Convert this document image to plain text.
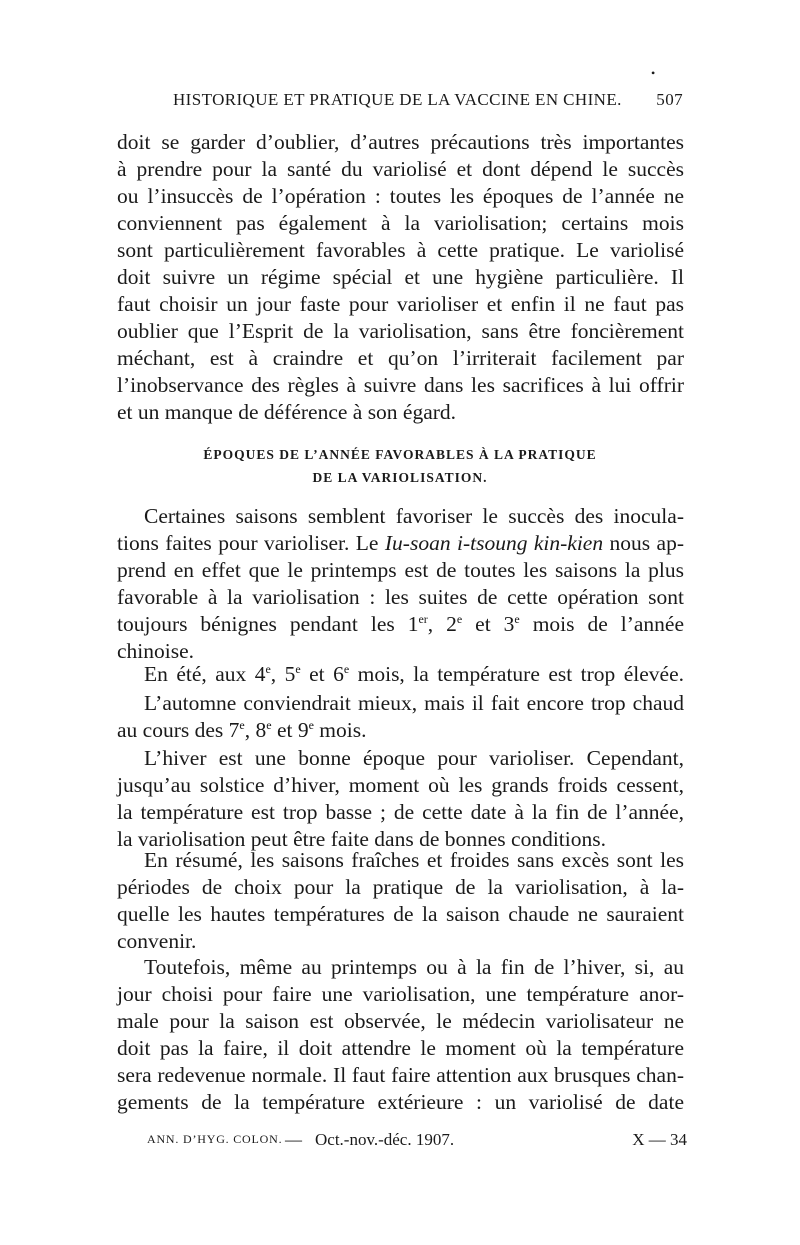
•
HISTORIQUE ET PRATIQUE DE LA VACCINE EN CHINE. 507
doit se garder d’oublier, d’autres précautions très importantes
à prendre pour la santé du variolisé et dont dépend le succès
ou l’insuccès de l’opération : toutes les époques de l’année ne
conviennent pas également à la variolisation; certains mois
sont particulièrement favorables à cette pratique. Le variolisé
doit suivre un régime spécial et une hygiène particulière. Il
faut choisir un jour faste pour varioliser et enfin il ne faut pas
oublier que l’Esprit de la variolisation, sans être foncièrement
méchant, est à craindre et qu’on l’irriterait facilement par
l’inobservance des règles à suivre dans les sacrifices à lui offrir
et un manque de déférence à son égard.
ÉPOQUES DE L’ANNÉE FAVORABLES À LA PRATIQUE
DE LA VARIOLISATION.
Certaines saisons semblent favoriser le succès des inocula-
tions faites pour varioliser. Le Iu-soan i-tsoung kin-kien nous ap-
prend en effet que le printemps est de toutes les saisons la plus
favorable à la variolisation : les suites de cette opération sont
toujours bénignes pendant les 1er, 2e et 3e mois de l’année
chinoise.
En été, aux 4e, 5e et 6e mois, la température est trop élevée.
L’automne conviendrait mieux, mais il fait encore trop chaud
au cours des 7e, 8e et 9e mois.
L’hiver est une bonne époque pour varioliser. Cependant,
jusqu’au solstice d’hiver, moment où les grands froids cessent,
la température est trop basse ; de cette date à la fin de l’année,
la variolisation peut être faite dans de bonnes conditions.
En résumé, les saisons fraîches et froides sans excès sont les
périodes de choix pour la pratique de la variolisation, à la-
quelle les hautes températures de la saison chaude ne sauraient
convenir.
Toutefois, même au printemps ou à la fin de l’hiver, si, au
jour choisi pour faire une variolisation, une température anor-
male pour la saison est observée, le médecin variolisateur ne
doit pas la faire, il doit attendre le moment où la température
sera redevenue normale. Il faut faire attention aux brusques chan-
gements de la température extérieure : un variolisé de date
ANN. D’HYG. COLON. — Oct.-nov.-déc. 1907.	X — 34
